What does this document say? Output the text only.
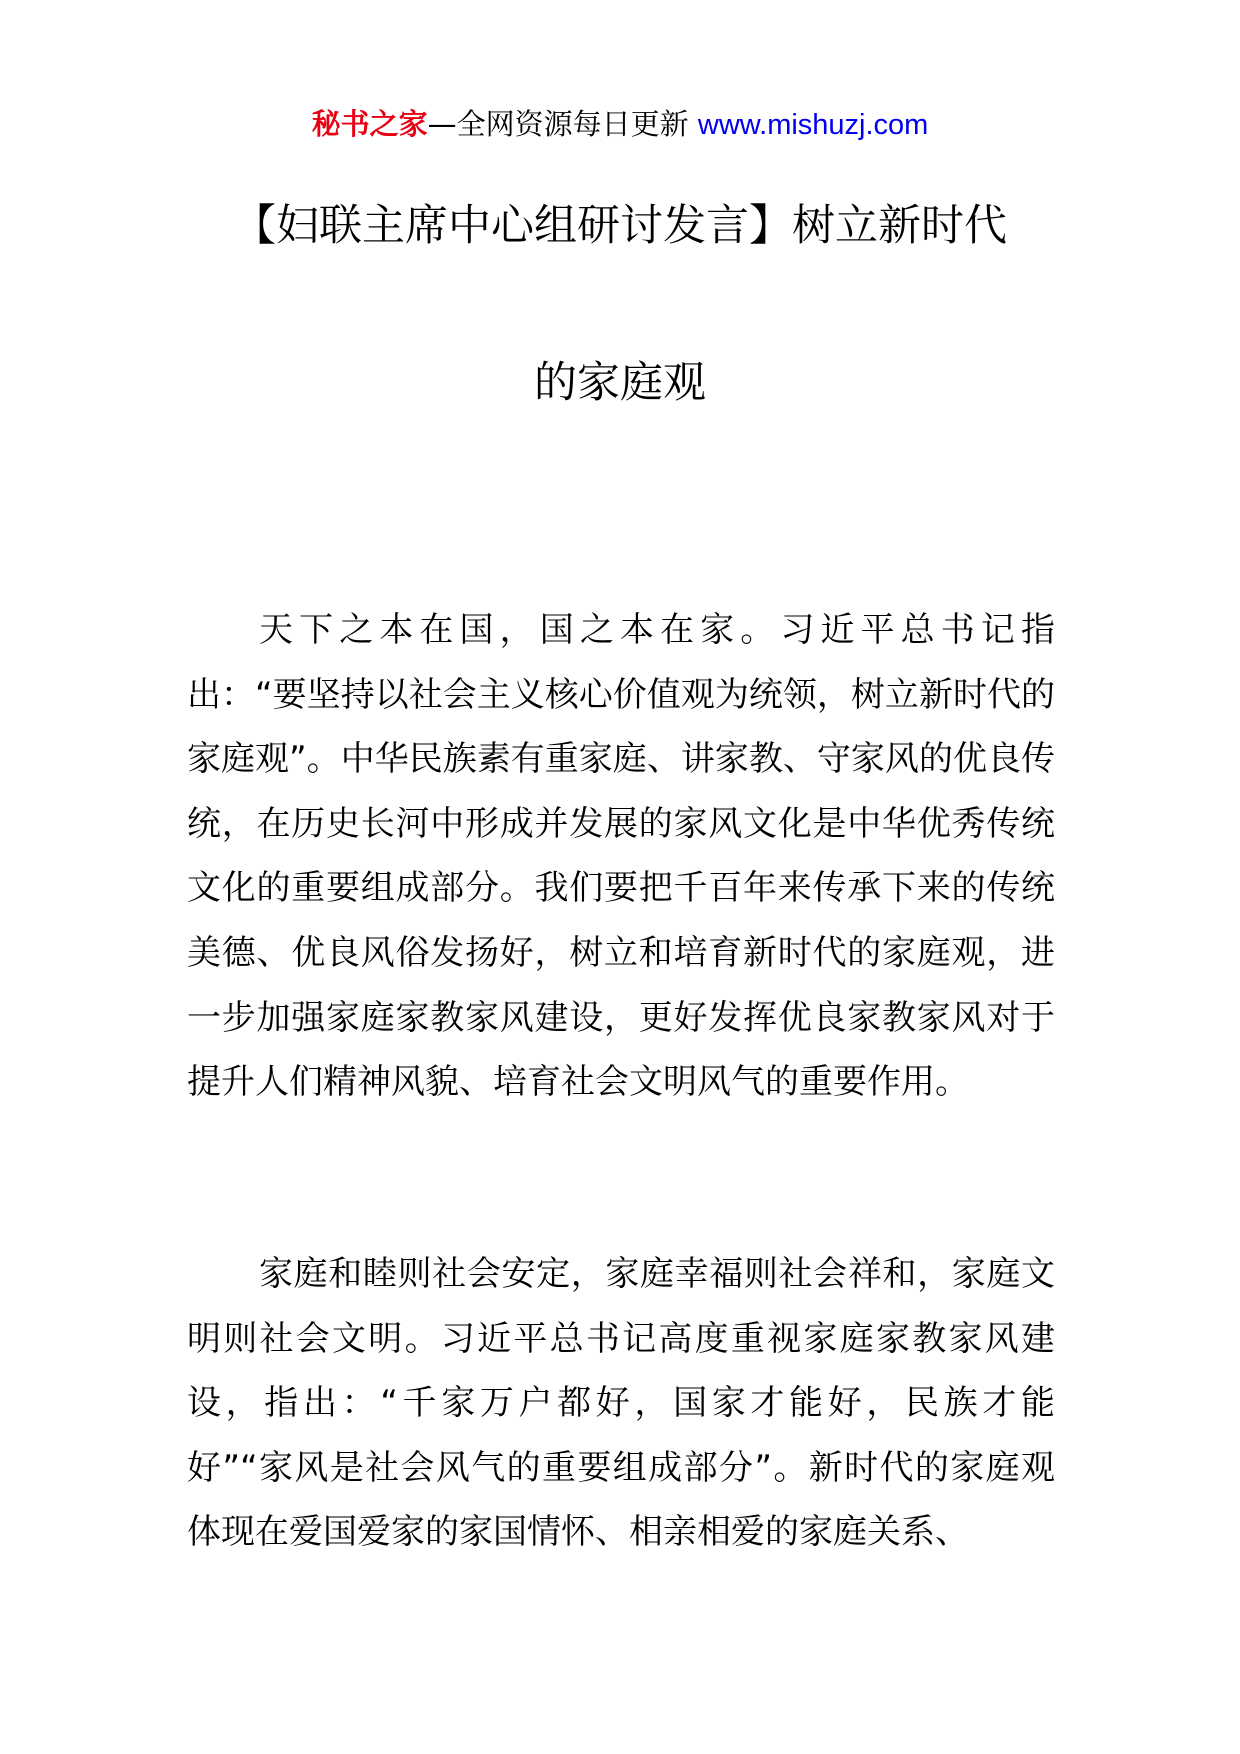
秘书之家—全网资源每日更新 www.mishuzj.com
【妇联主席中心组研讨发言】树立新时代
的家庭观

天下之本在国，国之本在家。习近平总书记指出：“要坚持以社会主义核心价值观为统领，树立新时代的家庭观”。中华民族素有重家庭、讲家教、守家风的优良传统，在历史长河中形成并发展的家风文化是中华优秀传统文化的重要组成部分。我们要把千百年来传承下来的传统美德、优良风俗发扬好，树立和培育新时代的家庭观，进一步加强家庭家教家风建设，更好发挥优良家教家风对于提升人们精神风貌、培育社会文明风气的重要作用。

家庭和睦则社会安定，家庭幸福则社会祥和，家庭文明则社会文明。习近平总书记高度重视家庭家教家风建设，指出：“千家万户都好，国家才能好，民族才能好”“家风是社会风气的重要组成部分”。新时代的家庭观体现在爱国爱家的家国情怀、相亲相爱的家庭关系、
